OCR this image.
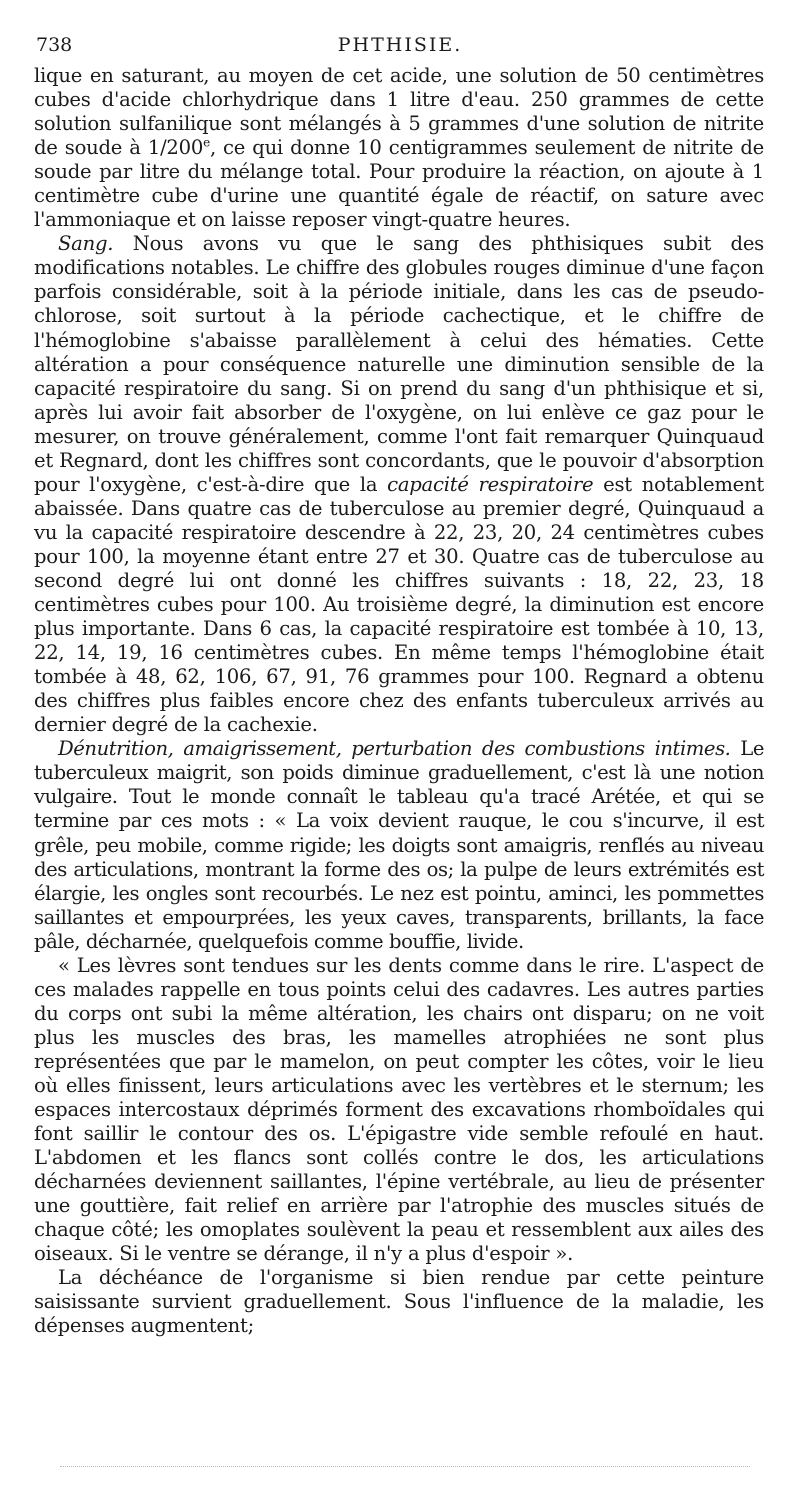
738	PHTHISIE.

lique en saturant, au moyen de cet acide, une solution de 50 centimètres cubes d'acide chlorhydrique dans 1 litre d'eau. 250 grammes de cette solution sulfanilique sont mélangés à 5 grammes d'une solution de nitrite de soude à 1/200e, ce qui donne 10 centigrammes seulement de nitrite de soude par litre du mélange total. Pour produire la réaction, on ajoute à 1 centimètre cube d'urine une quantité égale de réactif, on sature avec l'ammoniaque et on laisse reposer vingt-quatre heures.

Sang. Nous avons vu que le sang des phthisiques subit des modifications notables. Le chiffre des globules rouges diminue d'une façon parfois considérable, soit à la période initiale, dans les cas de pseudo-chlorose, soit surtout à la période cachectique, et le chiffre de l'hémoglobine s'abaisse parallèlement à celui des hématies. Cette altération a pour conséquence naturelle une diminution sensible de la capacité respiratoire du sang. Si on prend du sang d'un phthisique et si, après lui avoir fait absorber de l'oxygène, on lui enlève ce gaz pour le mesurer, on trouve généralement, comme l'ont fait remarquer Quinquaud et Regnard, dont les chiffres sont concordants, que le pouvoir d'absorption pour l'oxygène, c'est-à-dire que la capacité respiratoire est notablement abaissée. Dans quatre cas de tuberculose au premier degré, Quinquaud a vu la capacité respiratoire descendre à 22, 23, 20, 24 centimètres cubes pour 100, la moyenne étant entre 27 et 30. Quatre cas de tuberculose au second degré lui ont donné les chiffres suivants : 18, 22, 23, 18 centimètres cubes pour 100. Au troisième degré, la diminution est encore plus importante. Dans 6 cas, la capacité respiratoire est tombée à 10, 13, 22, 14, 19, 16 centimètres cubes. En même temps l'hémoglobine était tombée à 48, 62, 106, 67, 91, 76 grammes pour 100. Regnard a obtenu des chiffres plus faibles encore chez des enfants tuberculeux arrivés au dernier degré de la cachexie.

Dénutrition, amaigrissement, perturbation des combustions intimes. Le tuberculeux maigrit, son poids diminue graduellement, c'est là une notion vulgaire. Tout le monde connaît le tableau qu'a tracé Arétée, et qui se termine par ces mots : « La voix devient rauque, le cou s'incurve, il est grêle, peu mobile, comme rigide; les doigts sont amaigris, renflés au niveau des articulations, montrant la forme des os; la pulpe de leurs extrémités est élargie, les ongles sont recourbés. Le nez est pointu, aminci, les pommettes saillantes et empourprées, les yeux caves, transparents, brillants, la face pâle, décharnée, quelquefois comme bouffie, livide.

« Les lèvres sont tendues sur les dents comme dans le rire. L'aspect de ces malades rappelle en tous points celui des cadavres. Les autres parties du corps ont subi la même altération, les chairs ont disparu; on ne voit plus les muscles des bras, les mamelles atrophiées ne sont plus représentées que par le mamelon, on peut compter les côtes, voir le lieu où elles finissent, leurs articulations avec les vertèbres et le sternum; les espaces intercostaux déprimés forment des excavations rhomboïdales qui font saillir le contour des os. L'épigastre vide semble refoulé en haut. L'abdomen et les flancs sont collés contre le dos, les articulations décharnées deviennent saillantes, l'épine vertébrale, au lieu de présenter une gouttière, fait relief en arrière par l'atrophie des muscles situés de chaque côté; les omoplates soulèvent la peau et ressemblent aux ailes des oiseaux. Si le ventre se dérange, il n'y a plus d'espoir ».

La déchéance de l'organisme si bien rendue par cette peinture saisissante survient graduellement. Sous l'influence de la maladie, les dépenses augmentent;
